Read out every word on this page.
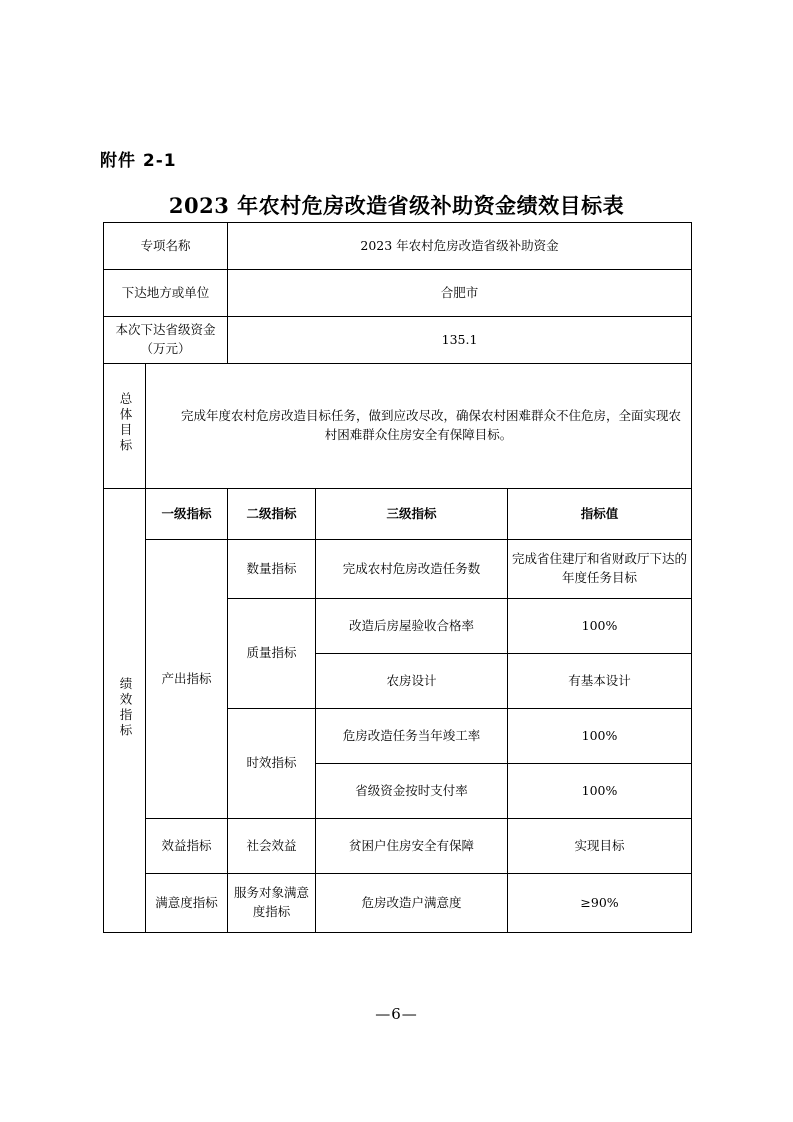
附件 2-1
2023 年农村危房改造省级补助资金绩效目标表
专项名称		2023 年农村危房改造省级补助资金		
下达地方或单位		合肥市		
本次下达省级资金（万元）		135.1		
总体目标	完成年度农村危房改造目标任务，做到应改尽改，确保农村困难群众不住危房，全面实现农村困难群众住房安全有保障目标。			
绩效指标	一级指标	二级指标	三级指标	指标值
	产出指标	数量指标	完成农村危房改造任务数	完成省住建厅和省财政厅下达的年度任务目标
		质量指标	改造后房屋验收合格率	100%
			农房设计	有基本设计
		时效指标	危房改造任务当年竣工率	100%
			省级资金按时支付率	100%
	效益指标	社会效益	贫困户住房安全有保障	实现目标
	满意度指标	服务对象满意度指标	危房改造户满意度	≥90%
—6—
